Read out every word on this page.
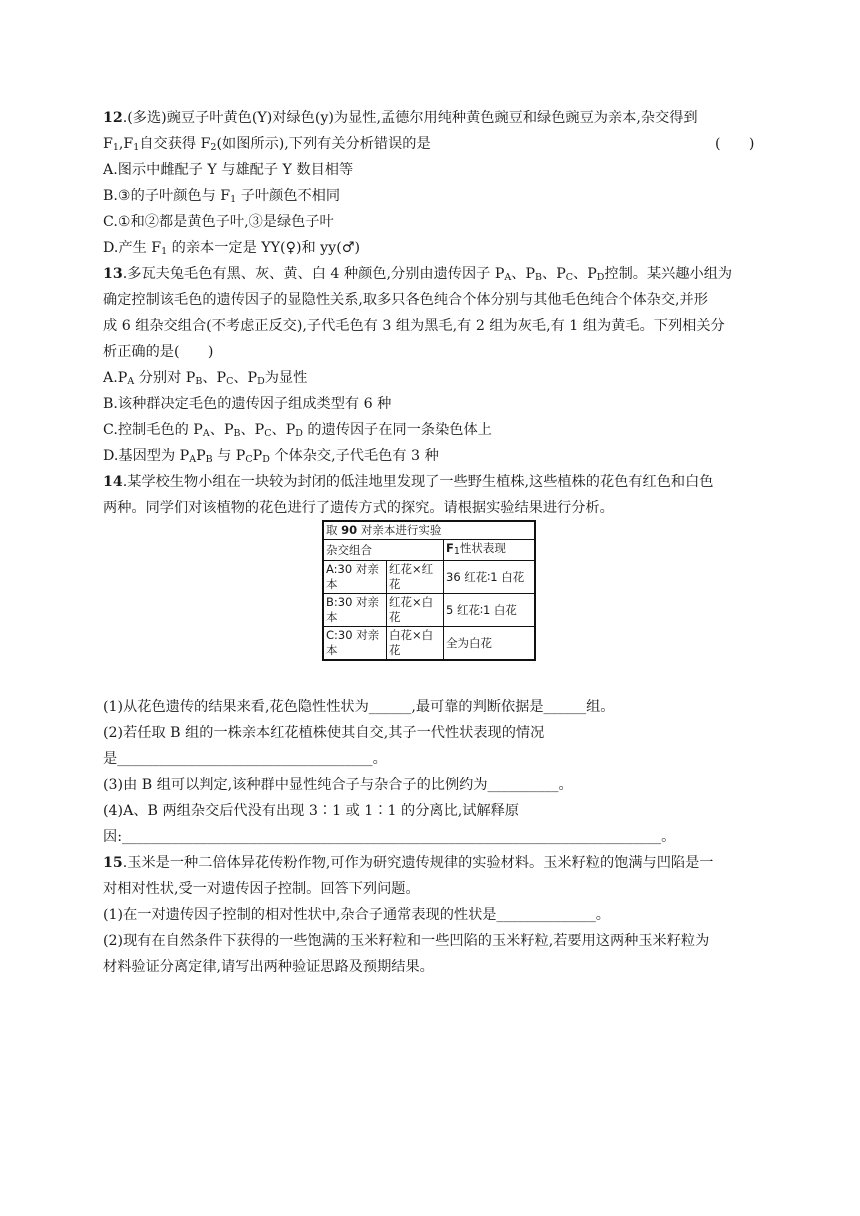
12.(多选)豌豆子叶黄色(Y)对绿色(y)为显性,孟德尔用纯种黄色豌豆和绿色豌豆为亲本,杂交得到
$F_1,F_1$自交获得 $F_2$(如图所示),下列有关分析错误的是	(　　)
A.图示中雌配子 Y 与雄配子 Y 数目相等
B.③的子叶颜色与 $F_1$ 子叶颜色不相同
C.①和②都是黄色子叶,③是绿色子叶
D.产生 $F_1$ 的亲本一定是 YY(♀)和 yy(♂)
13.多瓦夫兔毛色有黑、灰、黄、白 4 种颜色,分别由遗传因子 $P_A$、$P_B$、$P_C$、$P_D$控制。某兴趣小组为
确定控制该毛色的遗传因子的显隐性关系,取多只各色纯合个体分别与其他毛色纯合个体杂交,并形
成 6 组杂交组合(不考虑正反交),子代毛色有 3 组为黑毛,有 2 组为灰毛,有 1 组为黄毛。下列相关分
析正确的是(　　)
$A.P_A$ 分别对 $P_B$、$P_C$、$P_D$为显性
B.该种群决定毛色的遗传因子组成类型有 6 种
C.控制毛色的 $P_A$、$P_B$、$P_C$、$P_D$ 的遗传因子在同一条染色体上
D.基因型为 $P_AP_B$ 与 $P_CP_D$ 个体杂交,子代毛色有 3 种
14.某学校生物小组在一块较为封闭的低洼地里发现了一些野生植株,这些植株的花色有红色和白色
两种。同学们对该植物的花色进行了遗传方式的探究。请根据实验结果进行分析。
取 90 对亲本进行实验		
杂交组合		$F_1$性状表现
A:30 对亲本	红花×红花	36 红花∶1 白花
B:30 对亲本	红花×白花	5 红花∶1 白花
C:30 对亲本	白花×白花	全为白花
(1)从花色遗传的结果来看,花色隐性性状为______,最可靠的判断依据是______组。
(2)若任取 B 组的一株亲本红花植株使其自交,其子一代性状表现的情况
是____________________________________。
(3)由 B 组可以判定,该种群中显性纯合子与杂合子的比例约为__________。
(4)A、B 两组杂交后代没有出现 3∶1 或 1∶1 的分离比,试解释原
因:____________________________________________________________________________。
15.玉米是一种二倍体异花传粉作物,可作为研究遗传规律的实验材料。玉米籽粒的饱满与凹陷是一
对相对性状,受一对遗传因子控制。回答下列问题。
(1)在一对遗传因子控制的相对性状中,杂合子通常表现的性状是______________。
(2)现有在自然条件下获得的一些饱满的玉米籽粒和一些凹陷的玉米籽粒,若要用这两种玉米籽粒为
材料验证分离定律,请写出两种验证思路及预期结果。
